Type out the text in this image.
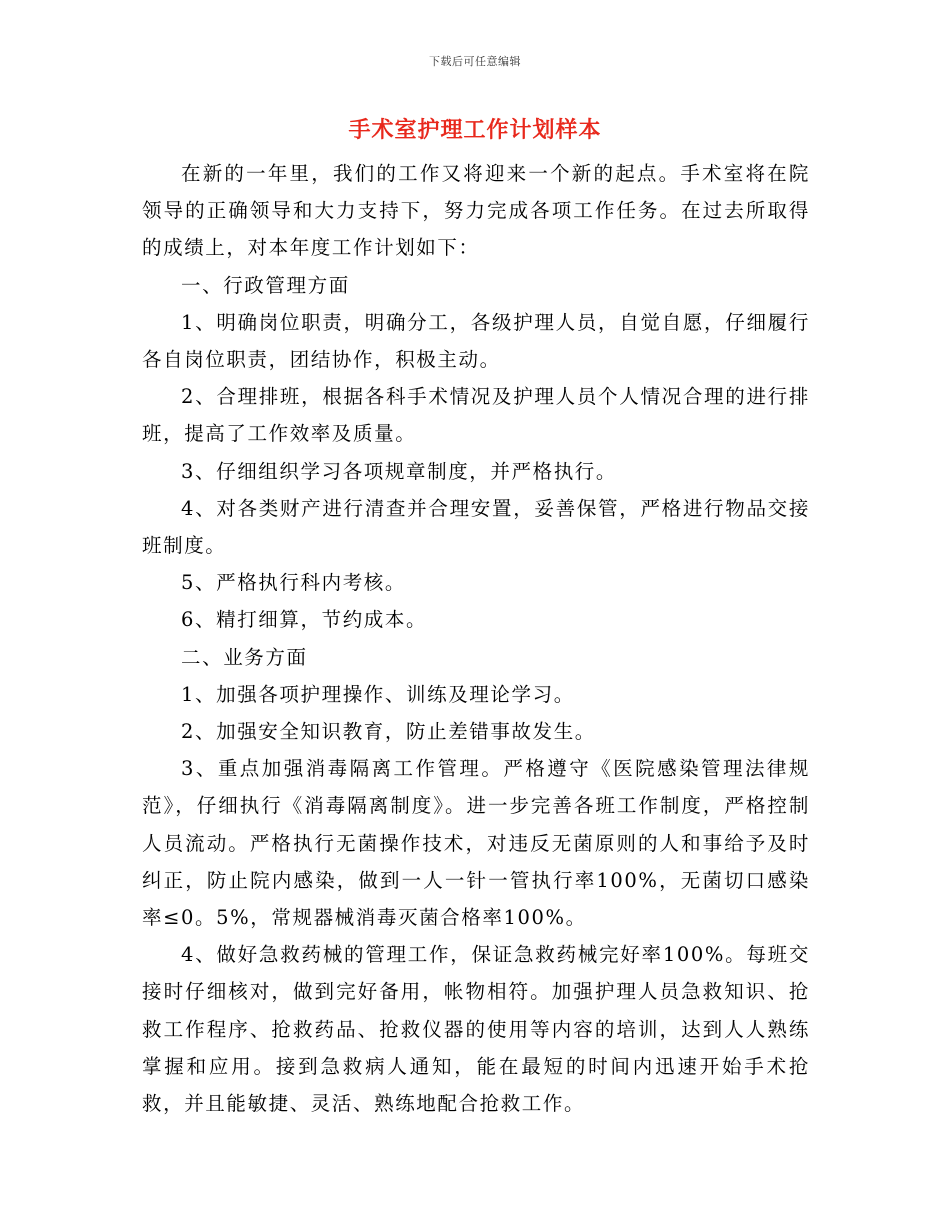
下载后可任意编辑
手术室护理工作计划样本

在新的一年里，我们的工作又将迎来一个新的起点。手术室将在院领导的正确领导和大力支持下，努力完成各项工作任务。在过去所取得的成绩上，对本年度工作计划如下：

一、行政管理方面

1、明确岗位职责，明确分工，各级护理人员，自觉自愿，仔细履行各自岗位职责，团结协作，积极主动。

2、合理排班，根据各科手术情况及护理人员个人情况合理的进行排班，提高了工作效率及质量。

3、仔细组织学习各项规章制度，并严格执行。

4、对各类财产进行清查并合理安置，妥善保管，严格进行物品交接班制度。

5、严格执行科内考核。

6、精打细算，节约成本。

二、业务方面

1、加强各项护理操作、训练及理论学习。

2、加强安全知识教育，防止差错事故发生。

3、重点加强消毒隔离工作管理。严格遵守《医院感染管理法律规范》，仔细执行《消毒隔离制度》。进一步完善各班工作制度，严格控制人员流动。严格执行无菌操作技术，对违反无菌原则的人和事给予及时纠正，防止院内感染，做到一人一针一管执行率100%，无菌切口感染率≤0。5%，常规器械消毒灭菌合格率100%。

4、做好急救药械的管理工作，保证急救药械完好率100%。每班交接时仔细核对，做到完好备用，帐物相符。加强护理人员急救知识、抢救工作程序、抢救药品、抢救仪器的使用等内容的培训，达到人人熟练掌握和应用。接到急救病人通知，能在最短的时间内迅速开始手术抢救，并且能敏捷、灵活、熟练地配合抢救工作。
